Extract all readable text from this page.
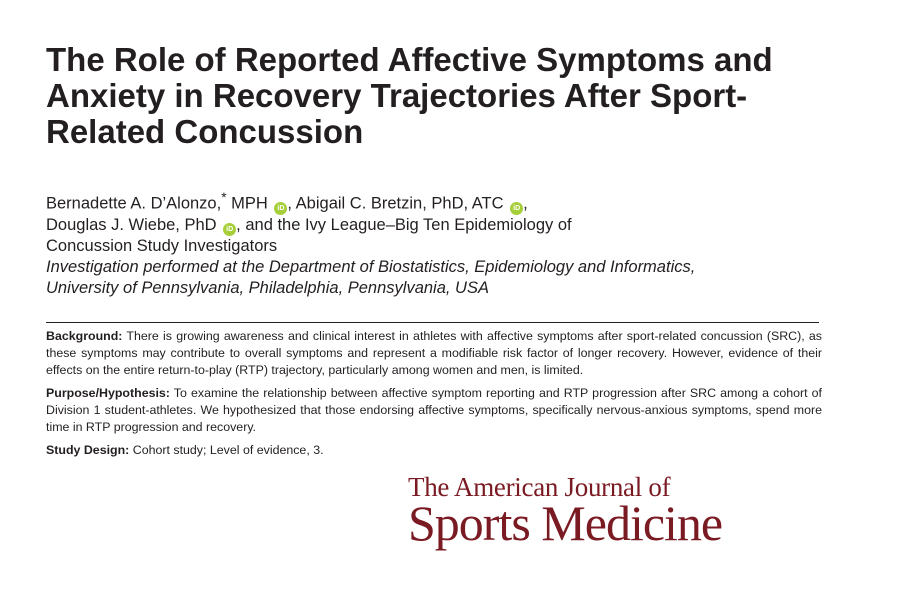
The Role of Reported Affective Symptoms and Anxiety in Recovery Trajectories After Sport-Related Concussion
Bernadette A. D’Alonzo,* MPH iD , Abigail C. Bretzin, PhD, ATC iD ,
Douglas J. Wiebe, PhD iD , and the Ivy League–Big Ten Epidemiology of
Concussion Study Investigators
Investigation performed at the Department of Biostatistics, Epidemiology and Informatics,
University of Pennsylvania, Philadelphia, Pennsylvania, USA

Background: There is growing awareness and clinical interest in athletes with affective symptoms after sport-related concussion (SRC), as these symptoms may contribute to overall symptoms and represent a modifiable risk factor of longer recovery. However, evidence of their effects on the entire return-to-play (RTP) trajectory, particularly among women and men, is limited.

Purpose/Hypothesis: To examine the relationship between affective symptom reporting and RTP progression after SRC among a cohort of Division 1 student-athletes. We hypothesized that those endorsing affective symptoms, specifically nervous-anxious symptoms, spend more time in RTP progression and recovery.

Study Design: Cohort study; Level of evidence, 3.

The American Journal of
Sports Medicine
